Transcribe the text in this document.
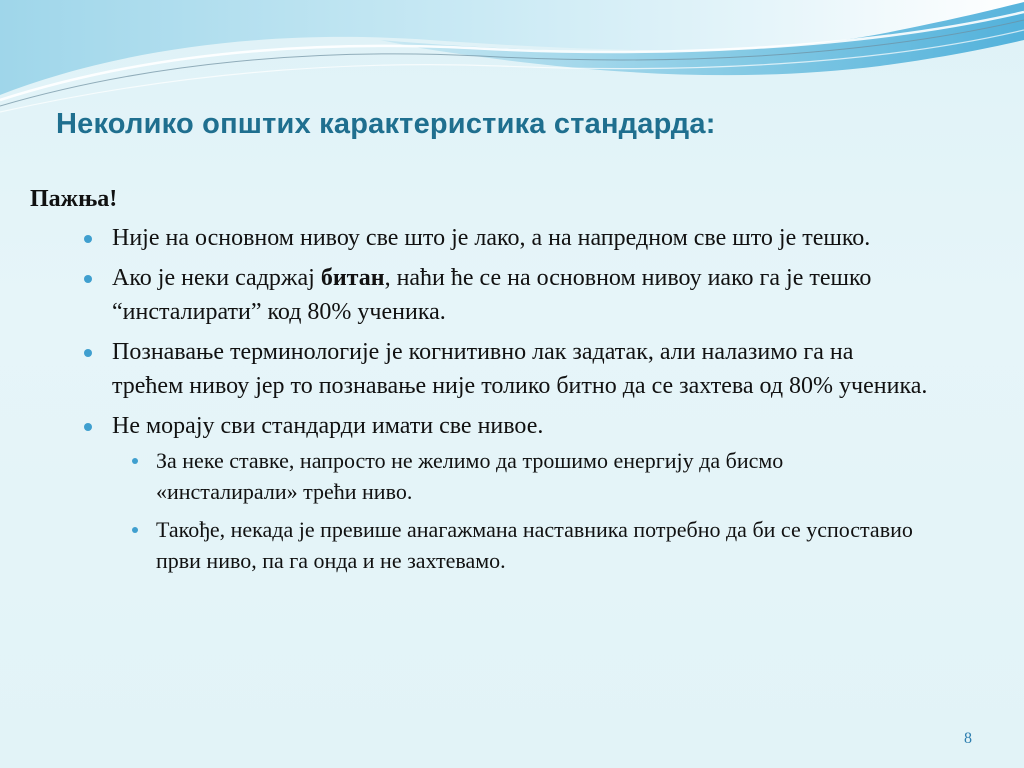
Неколико општих карактеристика стандарда:

Пажња!

Није на основном нивоу све што је лако, а на напредном све што је тешко.
Ако је неки садржај битан, наћи ће се на основном нивоу иако га је тешко “инсталирати” код 80% ученика.
Познавање терминологије је когнитивно лак задатак, али налазимо га на трећем нивоу јер то познавање није толико битно да се захтева од 80% ученика.
Не морају сви стандарди имати све нивое.
За неке ставке, напросто не желимо да трошимо енергију да бисмо «инсталирали» трећи ниво.
Такође, некада је превише анагажмана наставника потребно да би се успоставио први ниво, па га онда и не захтевамо.
8
